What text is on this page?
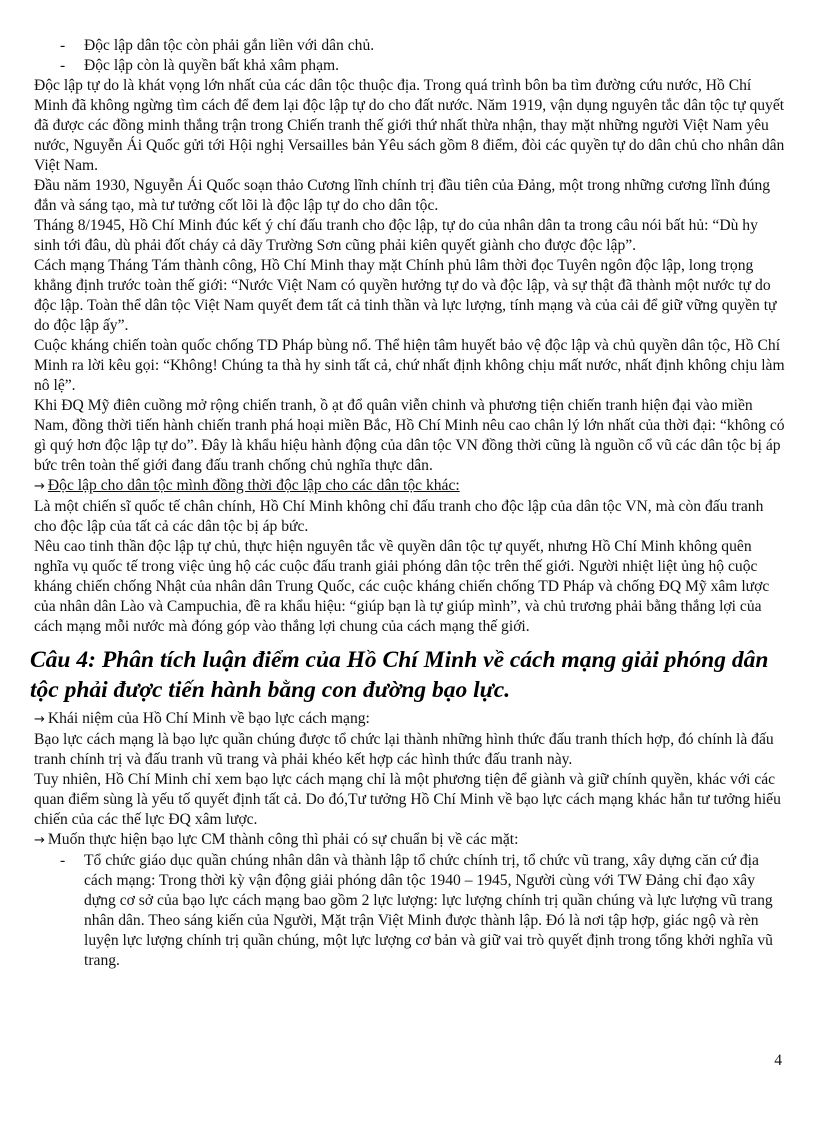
- Độc lập dân tộc còn phải gắn liền với dân chủ.
- Độc lập còn là quyền bất khả xâm phạm.

Độc lập tự do là khát vọng lớn nhất của các dân tộc thuộc địa. Trong quá trình bôn ba tìm đường cứu nước, Hồ Chí Minh đã không ngừng tìm cách để đem lại độc lập tự do cho đất nước. Năm 1919, vận dụng nguyên tắc dân tộc tự quyết đã được các đồng minh thắng trận trong Chiến tranh thế giới thứ nhất thừa nhận, thay mặt những người Việt Nam yêu nước, Nguyễn Ái Quốc gửi tới Hội nghị Versailles bản Yêu sách gồm 8 điểm, đòi các quyền tự do dân chủ cho nhân dân Việt Nam.

Đầu năm 1930, Nguyễn Ái Quốc soạn thảo Cương lĩnh chính trị đầu tiên của Đảng, một trong những cương lĩnh đúng đắn và sáng tạo, mà tư tưởng cốt lõi là độc lập tự do cho dân tộc.

Tháng 8/1945, Hồ Chí Minh đúc kết ý chí đấu tranh cho độc lập, tự do của nhân dân ta trong câu nói bất hủ: “Dù hy sinh tới đâu, dù phải đốt cháy cả dãy Trường Sơn cũng phải kiên quyết giành cho được độc lập”.

Cách mạng Tháng Tám thành công, Hồ Chí Minh thay mặt Chính phủ lâm thời đọc Tuyên ngôn độc lập, long trọng khẳng định trước toàn thế giới: “Nước Việt Nam có quyền hưởng tự do và độc lập, và sự thật đã thành một nước tự do độc lập. Toàn thể dân tộc Việt Nam quyết đem tất cả tinh thần và lực lượng, tính mạng và của cải để giữ vững quyền tự do độc lập ấy”.

Cuộc kháng chiến toàn quốc chống TD Pháp bùng nổ. Thể hiện tâm huyết bảo vệ độc lập và chủ quyền dân tộc, Hồ Chí Minh ra lời kêu gọi: “Không! Chúng ta thà hy sinh tất cả, chứ nhất định không chịu mất nước, nhất định không chịu làm nô lệ”.

Khi ĐQ Mỹ điên cuồng mở rộng chiến tranh, ồ ạt đổ quân viễn chinh và phương tiện chiến tranh hiện đại vào miền Nam, đồng thời tiến hành chiến tranh phá hoại miền Bắc, Hồ Chí Minh nêu cao chân lý lớn nhất của thời đại: “không có gì quý hơn độc lập tự do”. Đây là khẩu hiệu hành động của dân tộc VN đồng thời cũng là nguồn cổ vũ các dân tộc bị áp bức trên toàn thế giới đang đấu tranh chống chủ nghĩa thực dân.

→ Độc lập cho dân tộc mình đồng thời độc lập cho các dân tộc khác:

Là một chiến sĩ quốc tế chân chính, Hồ Chí Minh không chỉ đấu tranh cho độc lập của dân tộc VN, mà còn đấu tranh cho độc lập của tất cả các dân tộc bị áp bức.

Nêu cao tinh thần độc lập tự chủ, thực hiện nguyên tắc về quyền dân tộc tự quyết, nhưng Hồ Chí Minh không quên nghĩa vụ quốc tế trong việc ủng hộ các cuộc đấu tranh giải phóng dân tộc trên thế giới. Người nhiệt liệt ủng hộ cuộc kháng chiến chống Nhật của nhân dân Trung Quốc, các cuộc kháng chiến chống TD Pháp và chống ĐQ Mỹ xâm lược của nhân dân Lào và Campuchia, đề ra khẩu hiệu: “giúp bạn là tự giúp mình”, và chủ trương phải bằng thắng lợi của cách mạng mỗi nước mà đóng góp vào thắng lợi chung của cách mạng thế giới.

Câu 4: Phân tích luận điểm của Hồ Chí Minh về cách mạng giải phóng dân tộc phải được tiến hành bằng con đường bạo lực.

→ Khái niệm của Hồ Chí Minh về bạo lực cách mạng:

Bạo lực cách mạng là bạo lực quần chúng được tổ chức lại thành những hình thức đấu tranh thích hợp, đó chính là đấu tranh chính trị và đấu tranh vũ trang và phải khéo kết hợp các hình thức đấu tranh này.

Tuy nhiên, Hồ Chí Minh chỉ xem bạo lực cách mạng chỉ là một phương tiện để giành và giữ chính quyền, khác với các quan điểm sùng là yếu tố quyết định tất cả. Do đó,Tư tưởng Hồ Chí Minh về bạo lực cách mạng khác hẳn tư tưởng hiếu chiến của các thế lực ĐQ xâm lược.

→ Muốn thực hiện bạo lực CM thành công thì phải có sự chuẩn bị về các mặt:

- Tổ chức giáo dục quần chúng nhân dân và thành lập tổ chức chính trị, tổ chức vũ trang, xây dựng căn cứ địa cách mạng: Trong thời kỳ vận động giải phóng dân tộc 1940 – 1945, Người cùng với TW Đảng chỉ đạo xây dựng cơ sở của bạo lực cách mạng bao gồm 2 lực lượng: lực lượng chính trị quần chúng và lực lượng vũ trang nhân dân. Theo sáng kiến của Người, Mặt trận Việt Minh được thành lập. Đó là nơi tập hợp, giác ngộ và rèn luyện lực lượng chính trị quần chúng, một lực lượng cơ bản và giữ vai trò quyết định trong tổng khởi nghĩa vũ trang.
4
